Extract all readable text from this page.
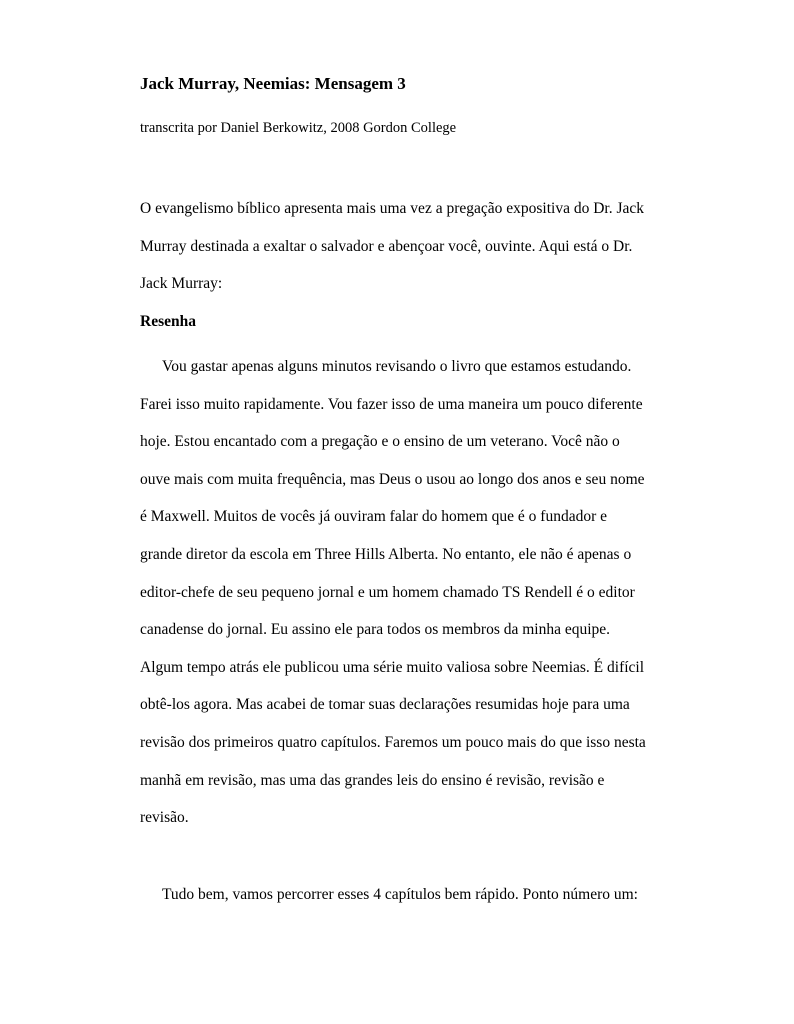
Jack Murray, Neemias: Mensagem 3

transcrita por Daniel Berkowitz, 2008 Gordon College

O evangelismo bíblico apresenta mais uma vez a pregação expositiva do Dr. Jack
Murray destinada a exaltar o salvador e abençoar você, ouvinte. Aqui está o Dr.
Jack Murray:

Resenha

Vou gastar apenas alguns minutos revisando o livro que estamos estudando.
Farei isso muito rapidamente. Vou fazer isso de uma maneira um pouco diferente
hoje. Estou encantado com a pregação e o ensino de um veterano. Você não o
ouve mais com muita frequência, mas Deus o usou ao longo dos anos e seu nome
é Maxwell. Muitos de vocês já ouviram falar do homem que é o fundador e
grande diretor da escola em Three Hills Alberta. No entanto, ele não é apenas o
editor-chefe de seu pequeno jornal e um homem chamado TS Rendell é o editor
canadense do jornal. Eu assino ele para todos os membros da minha equipe.
Algum tempo atrás ele publicou uma série muito valiosa sobre Neemias. É difícil
obtê-los agora. Mas acabei de tomar suas declarações resumidas hoje para uma
revisão dos primeiros quatro capítulos. Faremos um pouco mais do que isso nesta
manhã em revisão, mas uma das grandes leis do ensino é revisão, revisão e
revisão.

Tudo bem, vamos percorrer esses 4 capítulos bem rápido. Ponto número um:
